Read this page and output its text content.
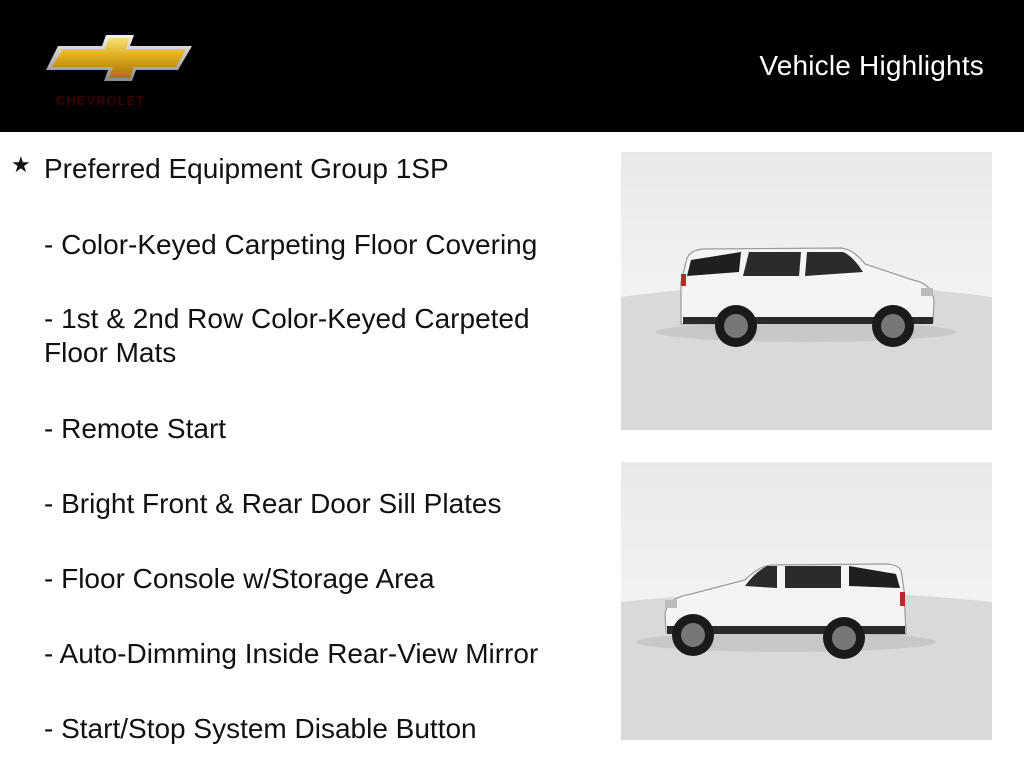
CHEVROLET
Vehicle Highlights
★ Preferred Equipment Group 1SP
- Color-Keyed Carpeting Floor Covering
- 1st & 2nd Row Color-Keyed Carpeted Floor Mats
- Remote Start
- Bright Front & Rear Door Sill Plates
- Floor Console w/Storage Area
- Auto-Dimming Inside Rear-View Mirror
- Start/Stop System Disable Button
